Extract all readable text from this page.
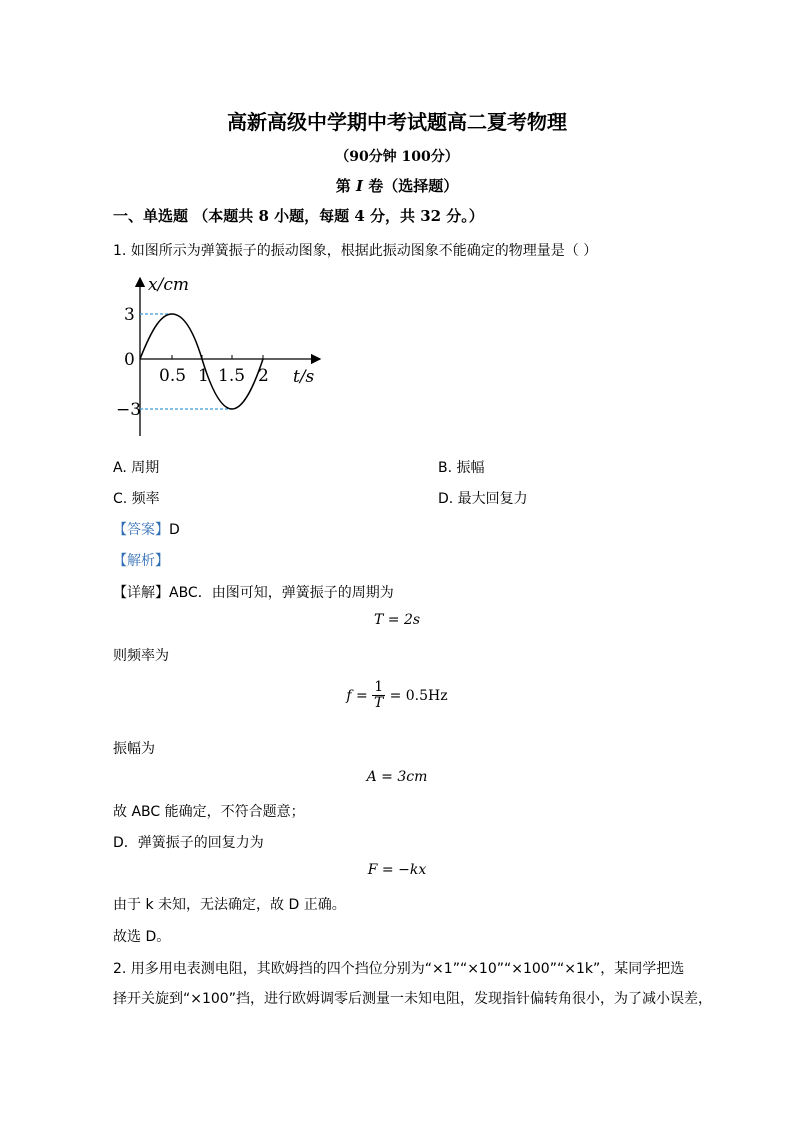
高新高级中学期中考试题高二夏考物理
（90分钟 100分）
第 I 卷（选择题）
一、单选题 （本题共 8 小题，每题 4 分，共 32 分。）
1. 如图所示为弹簧振子的振动图象，根据此振动图象不能确定的物理量是（ ）
x/cm
t/s
3
0
−3
0.5 1 1.5 2
A. 周期	B. 振幅
C. 频率	D. 最大回复力
【答案】D
【解析】
【详解】ABC．由图可知，弹簧振子的周期为
T = 2s
则频率为
$f = \frac{1}{T} = 0.5Hz$
振幅为
A = 3cm
故 ABC 能确定，不符合题意；
D．弹簧振子的回复力为
F = −kx
由于 k 未知，无法确定，故 D 正确。
故选 D。
2. 用多用电表测电阻，其欧姆挡的四个挡位分别为“×1”“×10”“×100”“×1k”，某同学把选
择开关旋到“×100”挡，进行欧姆调零后测量一未知电阻，发现指针偏转角很小，为了减小误差，
